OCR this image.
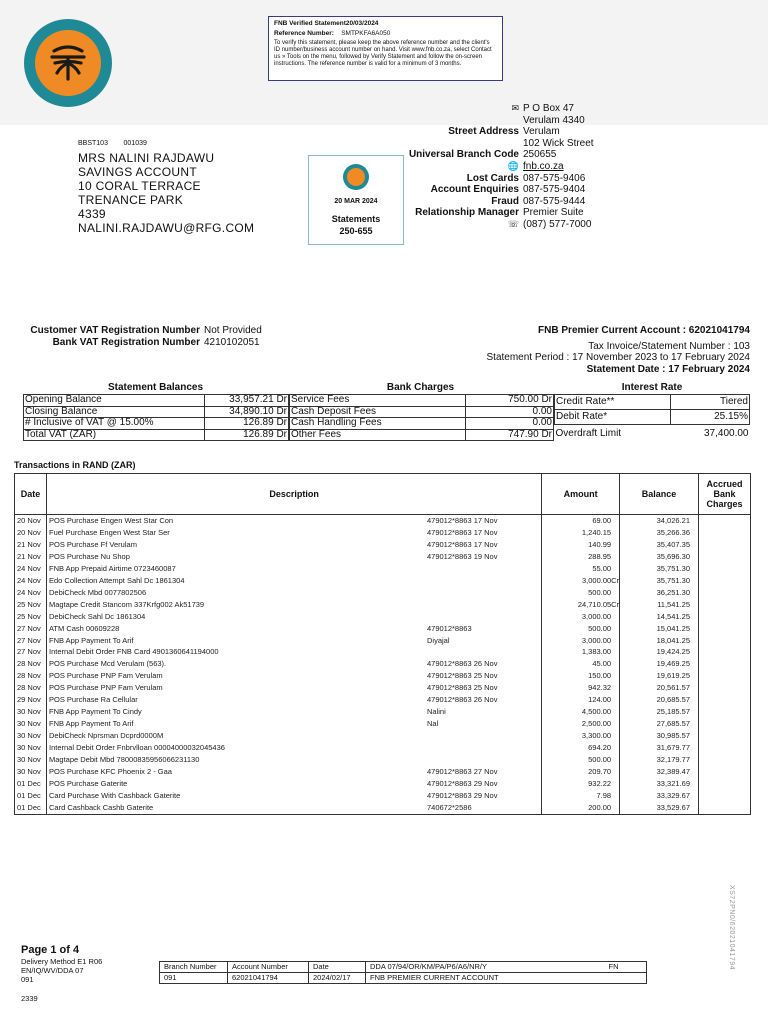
FNB Verified Statement20/03/2024
Reference Number: SMTPKFA6A050
To verify this statement, please keep the above reference number and the client's ID number/business account number on hand. Visit www.fnb.co.za, select Contact us » Tools on the menu, followed by Verify Statement and follow the on-screen instructions. The reference number is valid for a minimum of 3 months.
BBST103        001039
MRS NALINI RAJDAWU
SAVINGS ACCOUNT
10 CORAL TERRACE
TRENANCE PARK
4339
NALINI.RAJDAWU@RFG.COM
20 MAR 2024
Statements
250-655
✉ P O Box 47
Verulam 4340
Street Address Verulam
102 Wick Street
Universal Branch Code 250655
🌐 fnb.co.za
Lost Cards 087-575-9406
Account Enquiries 087-575-9404
Fraud 087-575-9444
Relationship Manager Premier Suite
☏ (087) 577-7000
Customer VAT Registration Number Not Provided
Bank VAT Registration Number 4210102051
FNB Premier Current Account : 62021041794
Tax Invoice/Statement Number : 103
Statement Period : 17 November 2023 to 17 February 2024
Statement Date : 17 February 2024
Statement Balances	Bank Charges	Interest Rate
Opening Balance	33,957.21 Dr
Closing Balance	34,890.10 Dr
# Inclusive of VAT @ 15.00%	126.89 Dr
Total VAT (ZAR)	126.89 Dr
Service Fees	750.00 Dr
Cash Deposit Fees	0.00
Cash Handling Fees	0.00
Other Fees	747.90 Dr
Credit Rate**	Tiered
Debit Rate*	25.15%
Overdraft Limit	37,400.00
Transactions in RAND (ZAR)
Date	Description	Amount	Balance	Accrued
Bank
Charges
20 Nov	POS Purchase Engen West Star Con 479012*8863 17 Nov	69.00	34,026.21	
20 Nov	Fuel Purchase Engen West Star Ser 479012*8863 17 Nov	1,240.15	35,266.36	
21 Nov	POS Purchase Ff Verulam 479012*8863 17 Nov	140.99	35,407.35	
21 Nov	POS Purchase Nu Shop 479012*8863 19 Nov	288.95	35,696.30	
24 Nov	FNB App Prepaid Airtime 0723460087	55.00	35,751.30	
24 Nov	Edo Collection Attempt Sahl Dc 1861304	3,000.00Cr	35,751.30	
24 Nov	DebiCheck Mbd 0077802506	500.00	36,251.30	
25 Nov	Magtape Credit Stancom 337Krfg002 Ak51739	24,710.05Cr	11,541.25	
25 Nov	DebiCheck Sahl Dc 1861304	3,000.00	14,541.25	
27 Nov	ATM Cash 00609228 479012*8863	500.00	15,041.25	
27 Nov	FNB App Payment To Arif Diyajal	3,000.00	18,041.25	
27 Nov	Internal Debit Order FNB Card 4901360641194000	1,383.00	19,424.25	
28 Nov	POS Purchase Mcd Verulam (563). 479012*8863 26 Nov	45.00	19,469.25	
28 Nov	POS Purchase PNP Fam Verulam 479012*8863 25 Nov	150.00	19,619.25	
28 Nov	POS Purchase PNP Fam Verulam 479012*8863 25 Nov	942.32	20,561.57	
29 Nov	POS Purchase Ra Cellular 479012*8863 26 Nov	124.00	20,685.57	
30 Nov	FNB App Payment To Cindy Nalini	4,500.00	25,185.57	
30 Nov	FNB App Payment To Arif Nal	2,500.00	27,685.57	
30 Nov	DebiCheck Nprsman Dcprd0000M	3,300.00	30,985.57	
30 Nov	Internal Debit Order Fnbrvlloan 00004000032045436	694.20	31,679.77	
30 Nov	Magtape Debit Mbd 78000835956066231130	500.00	32,179.77	
30 Nov	POS Purchase KFC Phoenix 2 - Gaa 479012*8863 27 Nov	209.70	32,389.47	
01 Dec	POS Purchase Gaterite 479012*8863 29 Nov	932.22	33,321.69	
01 Dec	Card Purchase With Cashback Gaterite 479012*8863 29 Nov	7.98	33,329.67	
01 Dec	Card Cashback Cashb Gaterite 740672*2586	200.00	33,529.67	
XS72PN0/62021041794
Page 1 of 4
Delivery Method E1 R06
EN/IQ/WV/DDA 07
091
2339
Branch Number	Account Number	Date	DDA 07/94/OR/KM/PA/P6/A6/NR/Y	FN
091	62021041794	2024/02/17	FNB PREMIER CURRENT ACCOUNT	
